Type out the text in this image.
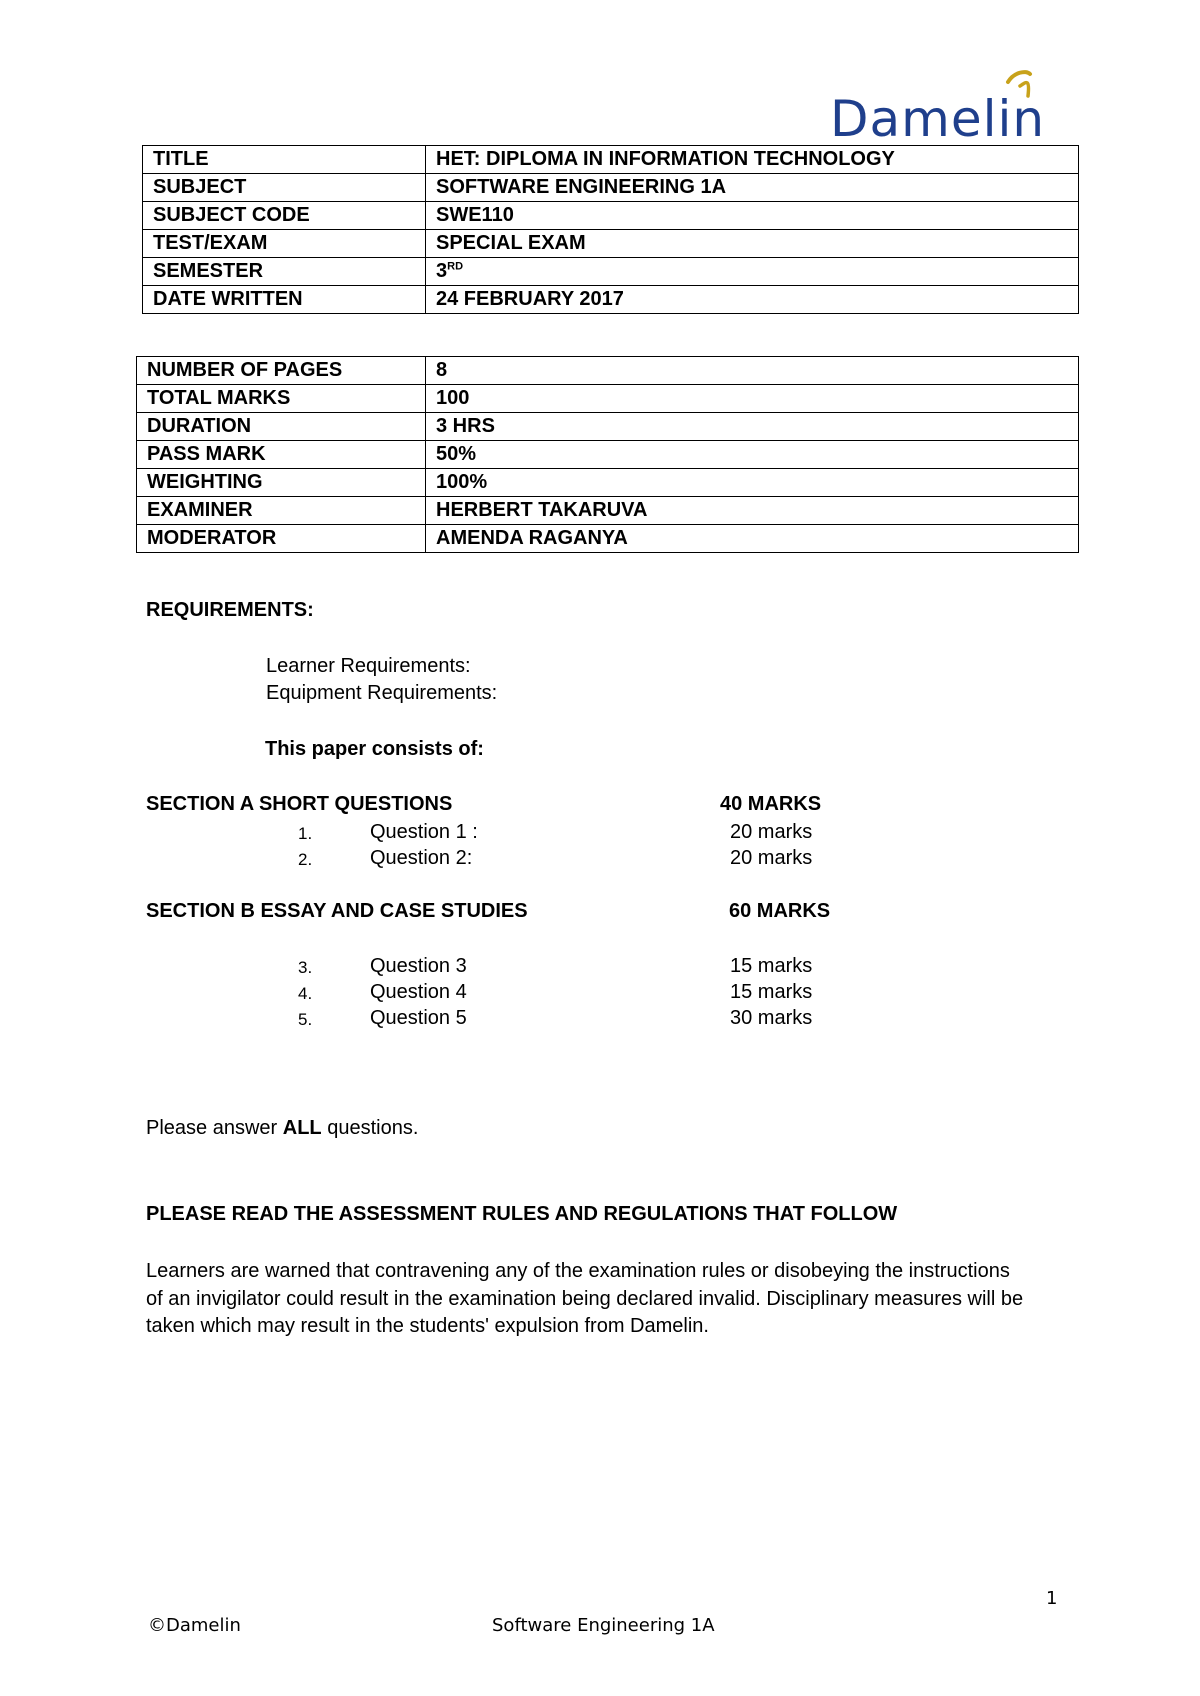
Damelin
TITLE	HET: DIPLOMA IN INFORMATION TECHNOLOGY
SUBJECT	SOFTWARE ENGINEERING 1A
SUBJECT CODE	SWE110
TEST/EXAM	SPECIAL EXAM
SEMESTER	3RD
DATE WRITTEN	24 FEBRUARY 2017
NUMBER OF PAGES	8
TOTAL MARKS	100
DURATION	3 HRS
PASS MARK	50%
WEIGHTING	100%
EXAMINER	HERBERT TAKARUVA
MODERATOR	AMENDA RAGANYA
REQUIREMENTS:
Learner Requirements:
Equipment Requirements:
This paper consists of:
SECTION A SHORT QUESTIONS	40 MARKS
1.	Question 1 :	20 marks
2.	Question 2:	20 marks
SECTION B ESSAY AND CASE STUDIES	60 MARKS
3.	Question 3	15 marks
4.	Question 4	15 marks
5.	Question 5	30 marks
Please answer ALL questions.
PLEASE READ THE ASSESSMENT RULES AND REGULATIONS THAT FOLLOW
Learners are warned that contravening any of the examination rules or disobeying the instructions of an invigilator could result in the examination being declared invalid. Disciplinary measures will be taken which may result in the students' expulsion from Damelin.
1
©Damelin	Software Engineering 1A
